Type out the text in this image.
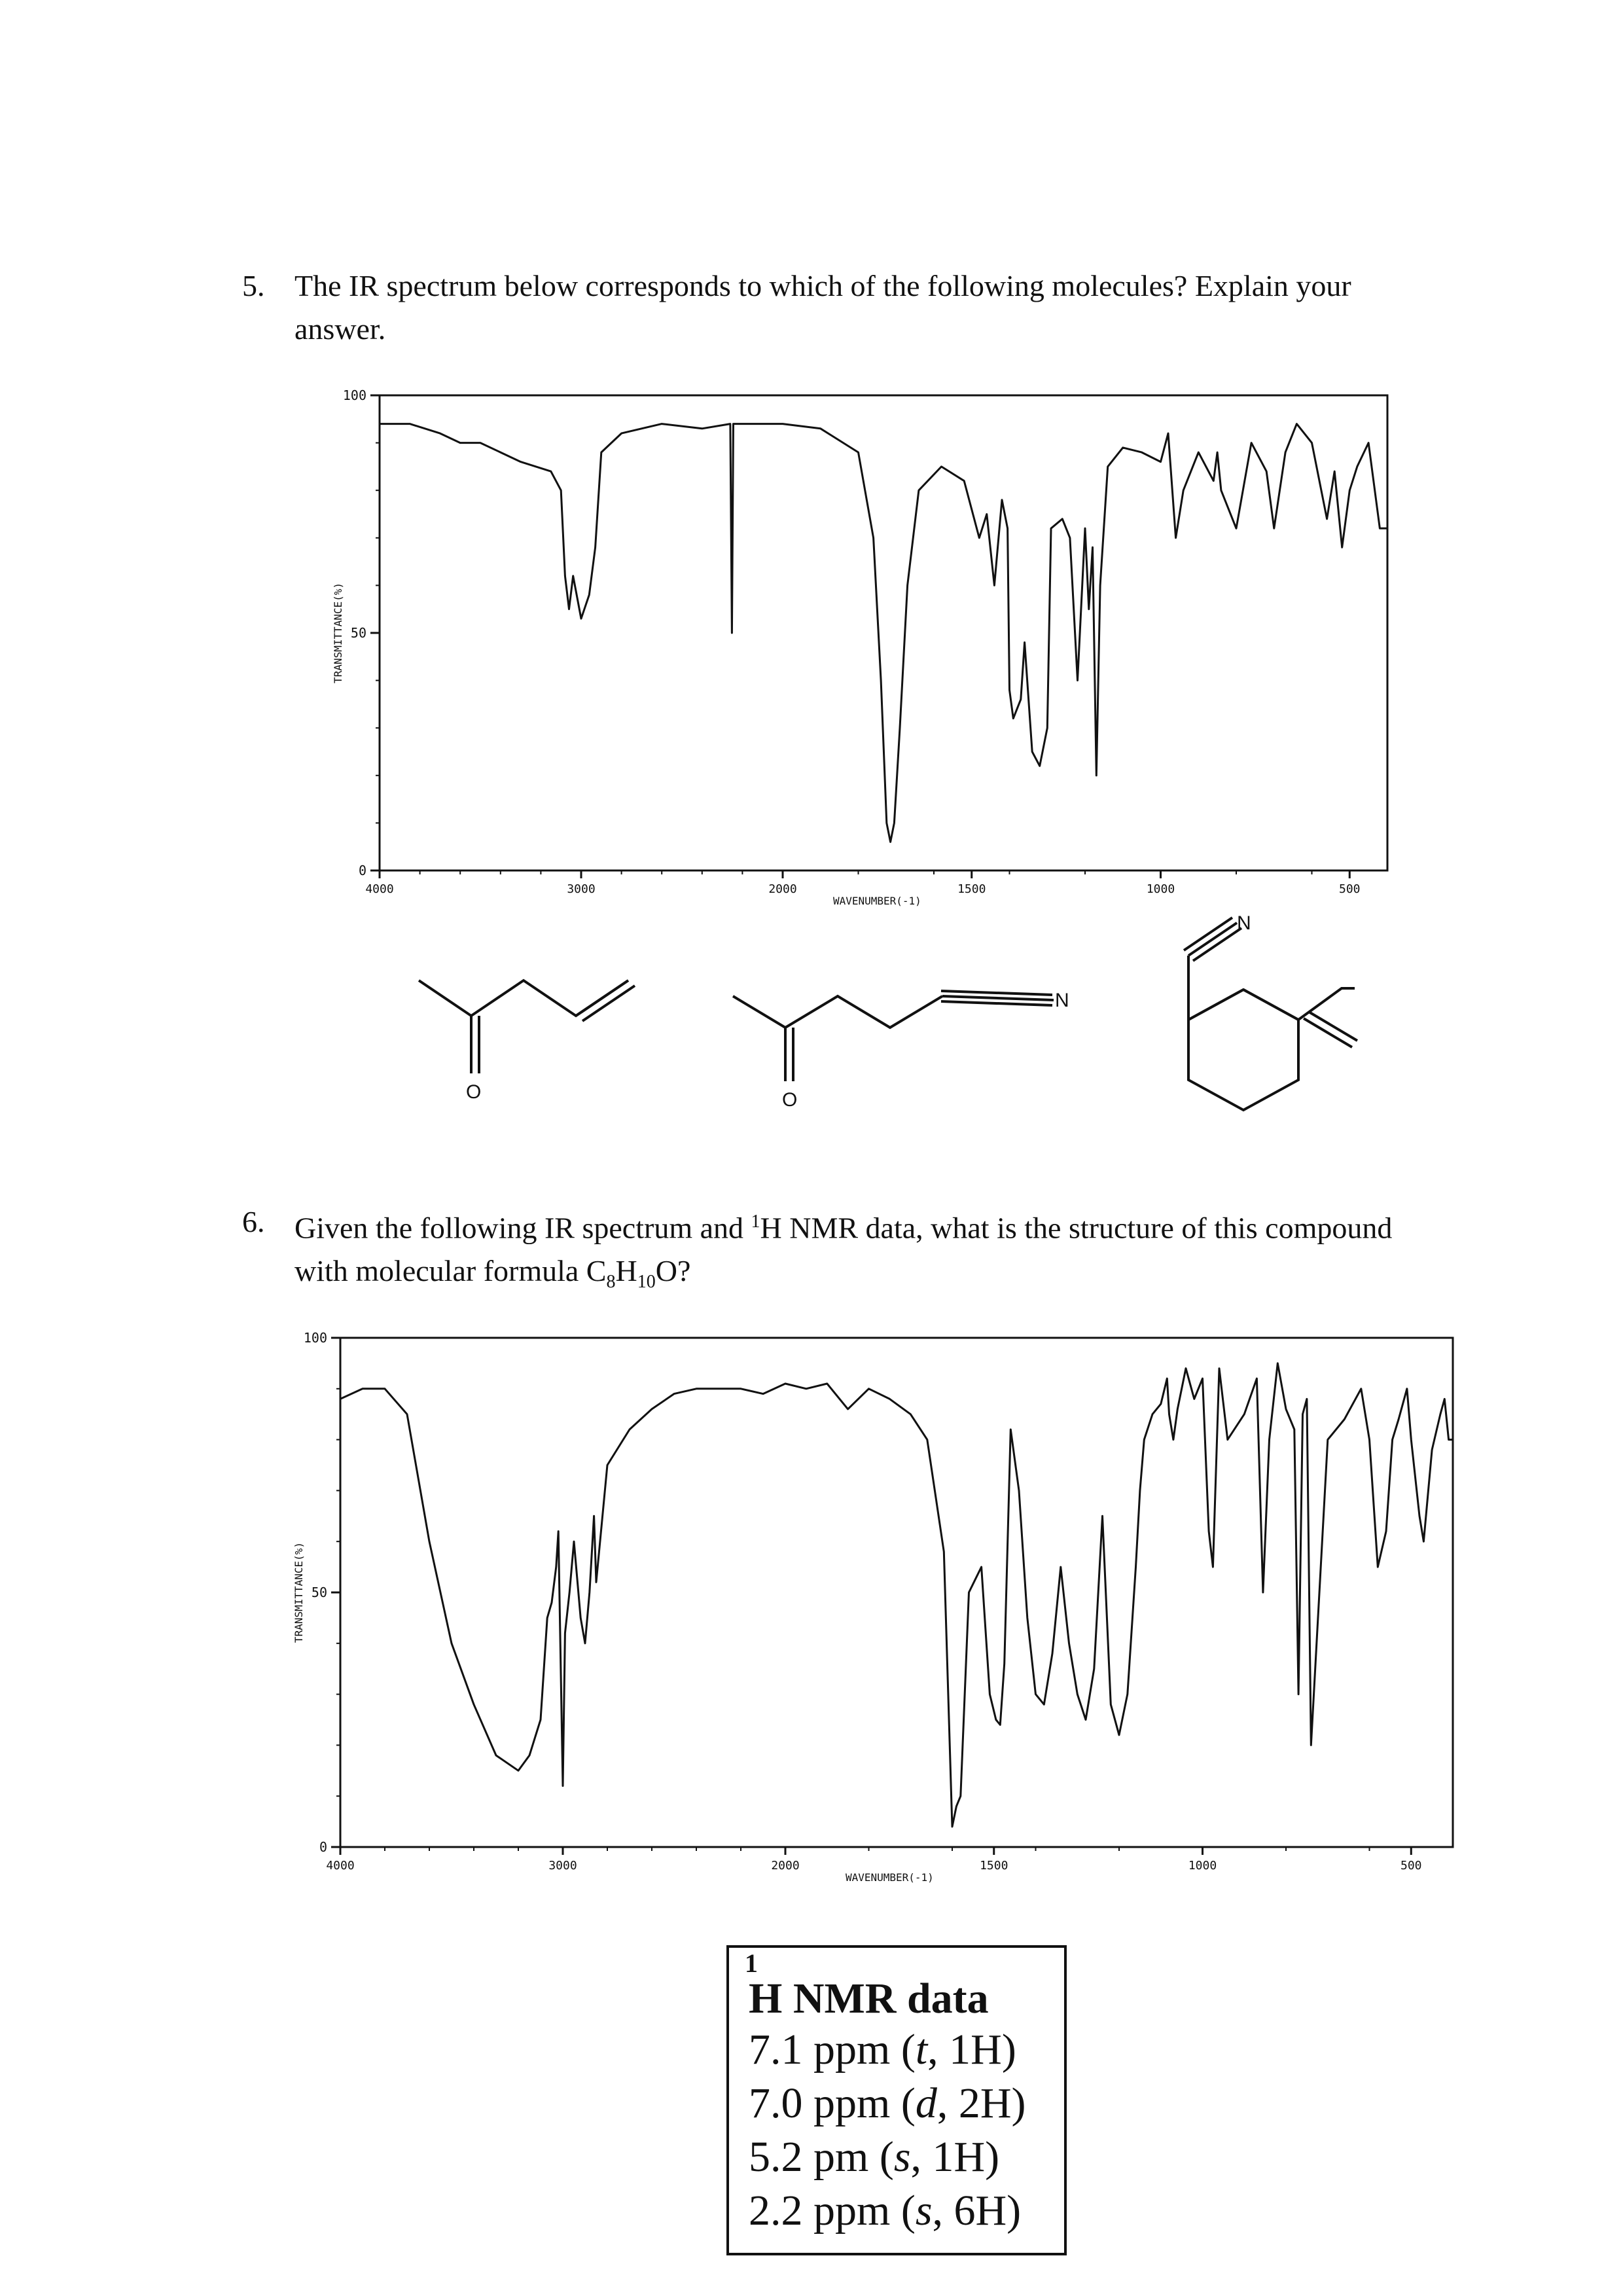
5. The IR spectrum below corresponds to which of the following molecules? Explain your answer.
100
50
0
4000	3000	2000	1500	1000	500
WAVENUMBER(-1)
TRANSMITTANCE(%)
O	O
N
N
6. Given the following IR spectrum and $^1$H NMR data, what is the structure of this compound with molecular formula $C_8H_{10}O$?
100
50
0
4000	3000	2000	1500	1000	500
WAVENUMBER(-1)
TRANSMITTANCE(%)
1
H NMR data
7.1 ppm (t, 1H)
7.0 ppm (d, 2H)
5.2 pm (s, 1H)
2.2 ppm (s, 6H)
